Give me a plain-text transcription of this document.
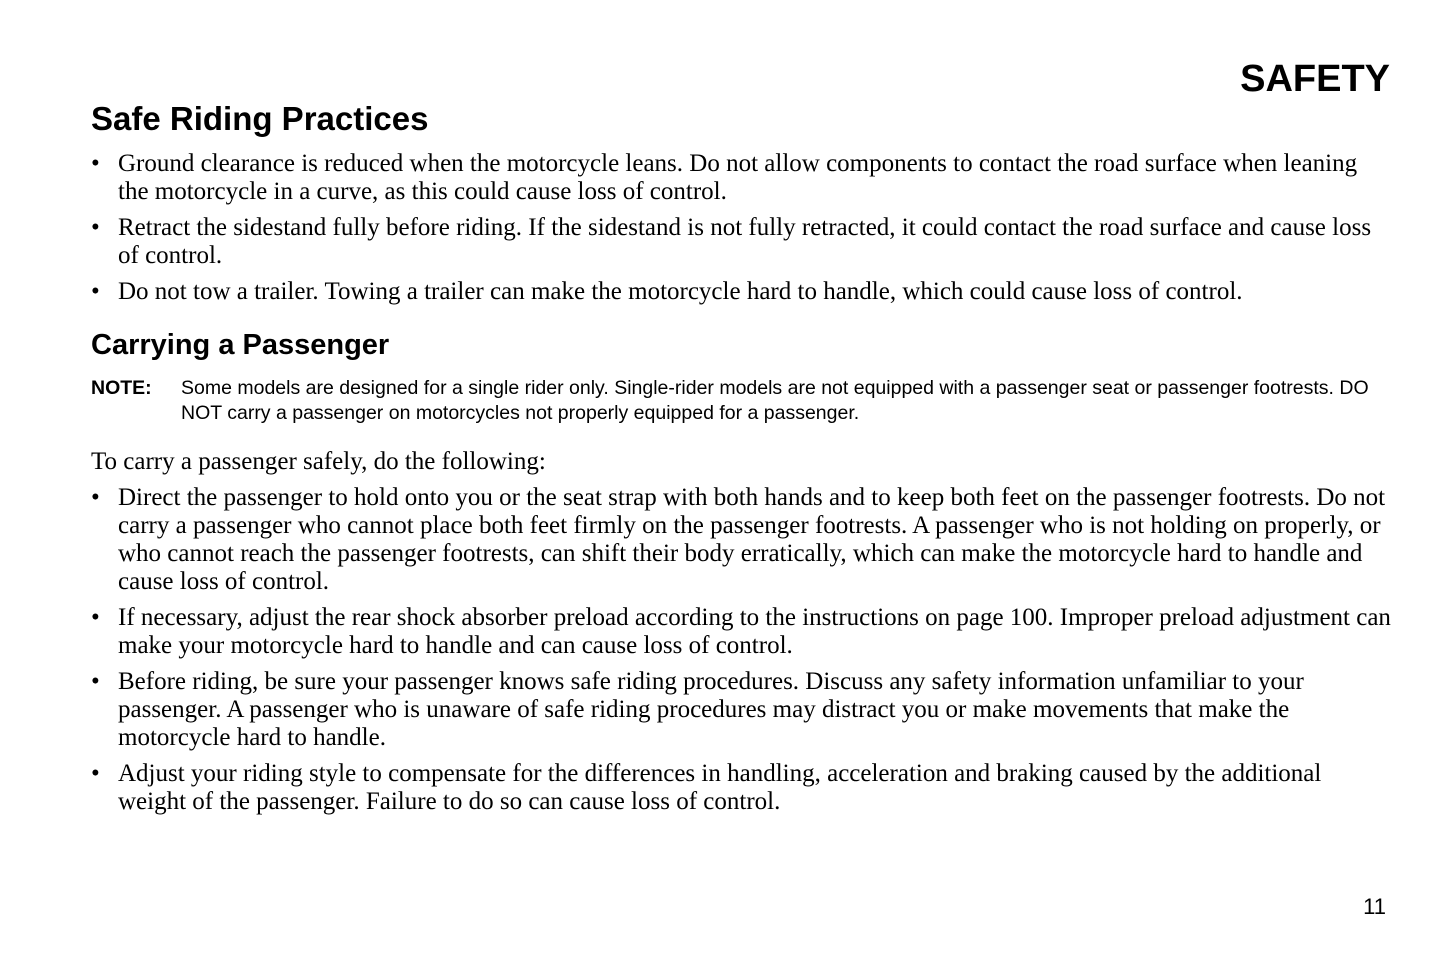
SAFETY
Safe Riding Practices
• Ground clearance is reduced when the motorcycle leans. Do not allow components to contact the road surface when leaning the motorcycle in a curve, as this could cause loss of control.
• Retract the sidestand fully before riding. If the sidestand is not fully retracted, it could contact the road surface and cause loss of control.
• Do not tow a trailer. Towing a trailer can make the motorcycle hard to handle, which could cause loss of control.
Carrying a Passenger
NOTE:	Some models are designed for a single rider only. Single-rider models are not equipped with a passenger seat or passenger footrests. DO NOT carry a passenger on motorcycles not properly equipped for a passenger.

To carry a passenger safely, do the following:

• Direct the passenger to hold onto you or the seat strap with both hands and to keep both feet on the passenger footrests. Do not carry a passenger who cannot place both feet firmly on the passenger footrests. A passenger who is not holding on properly, or who cannot reach the passenger footrests, can shift their body erratically, which can make the motorcycle hard to handle and cause loss of control.
• If necessary, adjust the rear shock absorber preload according to the instructions on page 100. Improper preload adjustment can make your motorcycle hard to handle and can cause loss of control.
• Before riding, be sure your passenger knows safe riding procedures. Discuss any safety information unfamiliar to your passenger. A passenger who is unaware of safe riding procedures may distract you or make movements that make the motorcycle hard to handle.
• Adjust your riding style to compensate for the differences in handling, acceleration and braking caused by the additional weight of the passenger. Failure to do so can cause loss of control.
11
